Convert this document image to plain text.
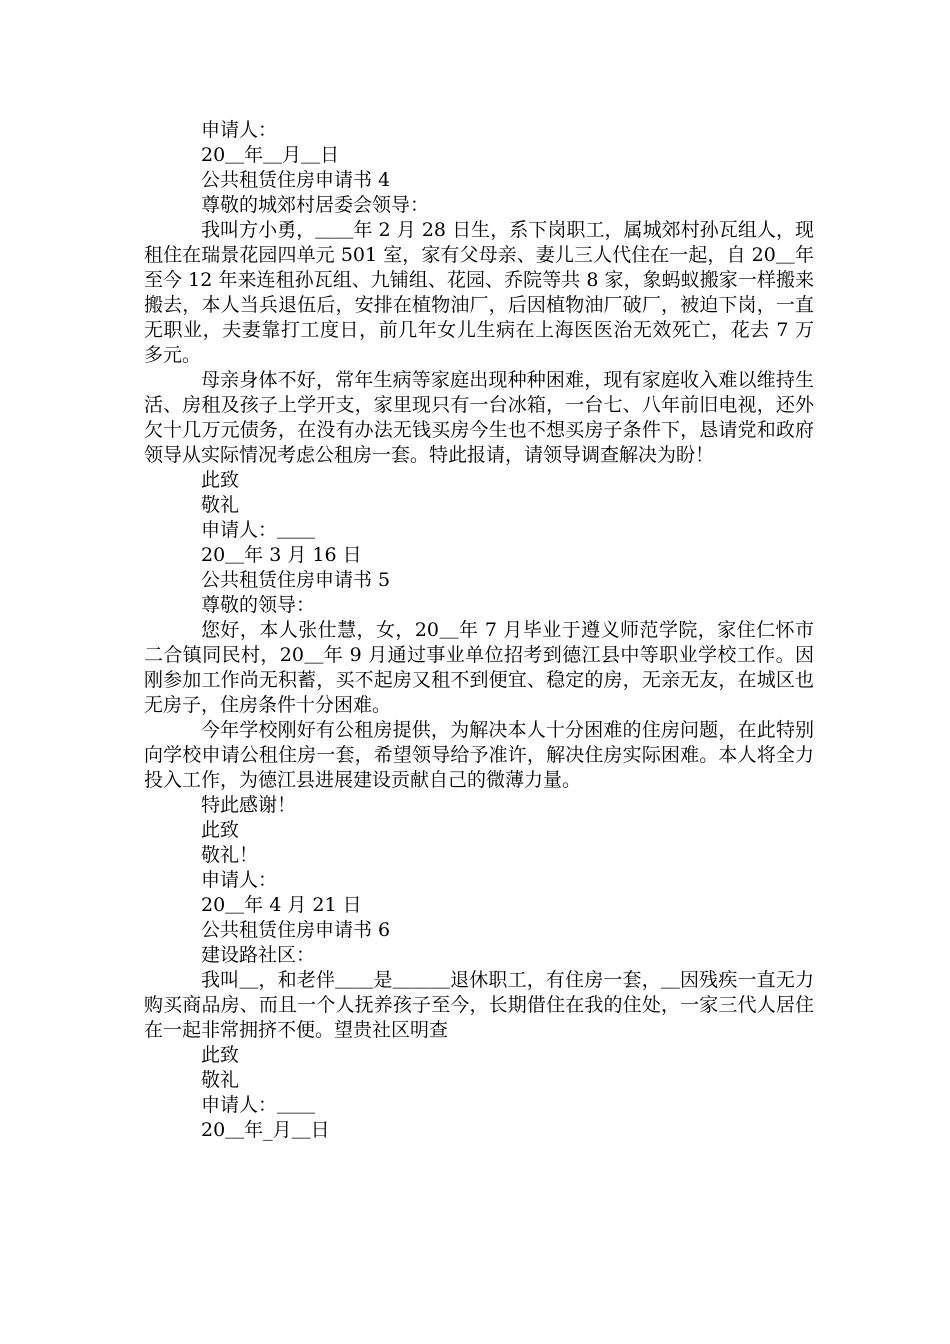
申请人：
20＿年＿月＿日
公共租赁住房申请书 4
尊敬的城郊村居委会领导：
我叫方小勇，＿＿年 2 月 28 日生，系下岗职工，属城郊村孙瓦组人，现租住在瑞景花园四单元 501 室，家有父母亲、妻儿三人代住在一起，自 20＿年至今 12 年来连租孙瓦组、九铺组、花园、乔院等共 8 家，象蚂蚁搬家一样搬来搬去，本人当兵退伍后，安排在植物油厂，后因植物油厂破厂，被迫下岗，一直无职业，夫妻靠打工度日，前几年女儿生病在上海医医治无效死亡，花去 7 万多元。
母亲身体不好，常年生病等家庭出现种种困难，现有家庭收入难以维持生活、房租及孩子上学开支，家里现只有一台冰箱，一台七、八年前旧电视，还外欠十几万元债务，在没有办法无钱买房今生也不想买房子条件下，恳请党和政府领导从实际情况考虑公租房一套。特此报请，请领导调查解决为盼！
此致
敬礼
申请人：＿＿
20＿年 3 月 16 日
公共租赁住房申请书 5
尊敬的领导：
您好，本人张仕慧，女，20＿年 7 月毕业于遵义师范学院，家住仁怀市二合镇同民村，20＿年 9 月通过事业单位招考到德江县中等职业学校工作。因刚参加工作尚无积蓄，买不起房又租不到便宜、稳定的房，无亲无友，在城区也无房子，住房条件十分困难。
今年学校刚好有公租房提供，为解决本人十分困难的住房问题，在此特别向学校申请公租住房一套，希望领导给予准许，解决住房实际困难。本人将全力投入工作，为德江县进展建设贡献自己的微薄力量。
特此感谢！
此致
敬礼！
申请人：
20＿年 4 月 21 日
公共租赁住房申请书 6
建设路社区：
我叫＿，和老伴＿＿是＿＿＿退休职工，有住房一套，＿因残疾一直无力购买商品房、而且一个人抚养孩子至今，长期借住在我的住处，一家三代人居住在一起非常拥挤不便。望贵社区明查
此致
敬礼
申请人：＿＿
20＿年_月＿日
